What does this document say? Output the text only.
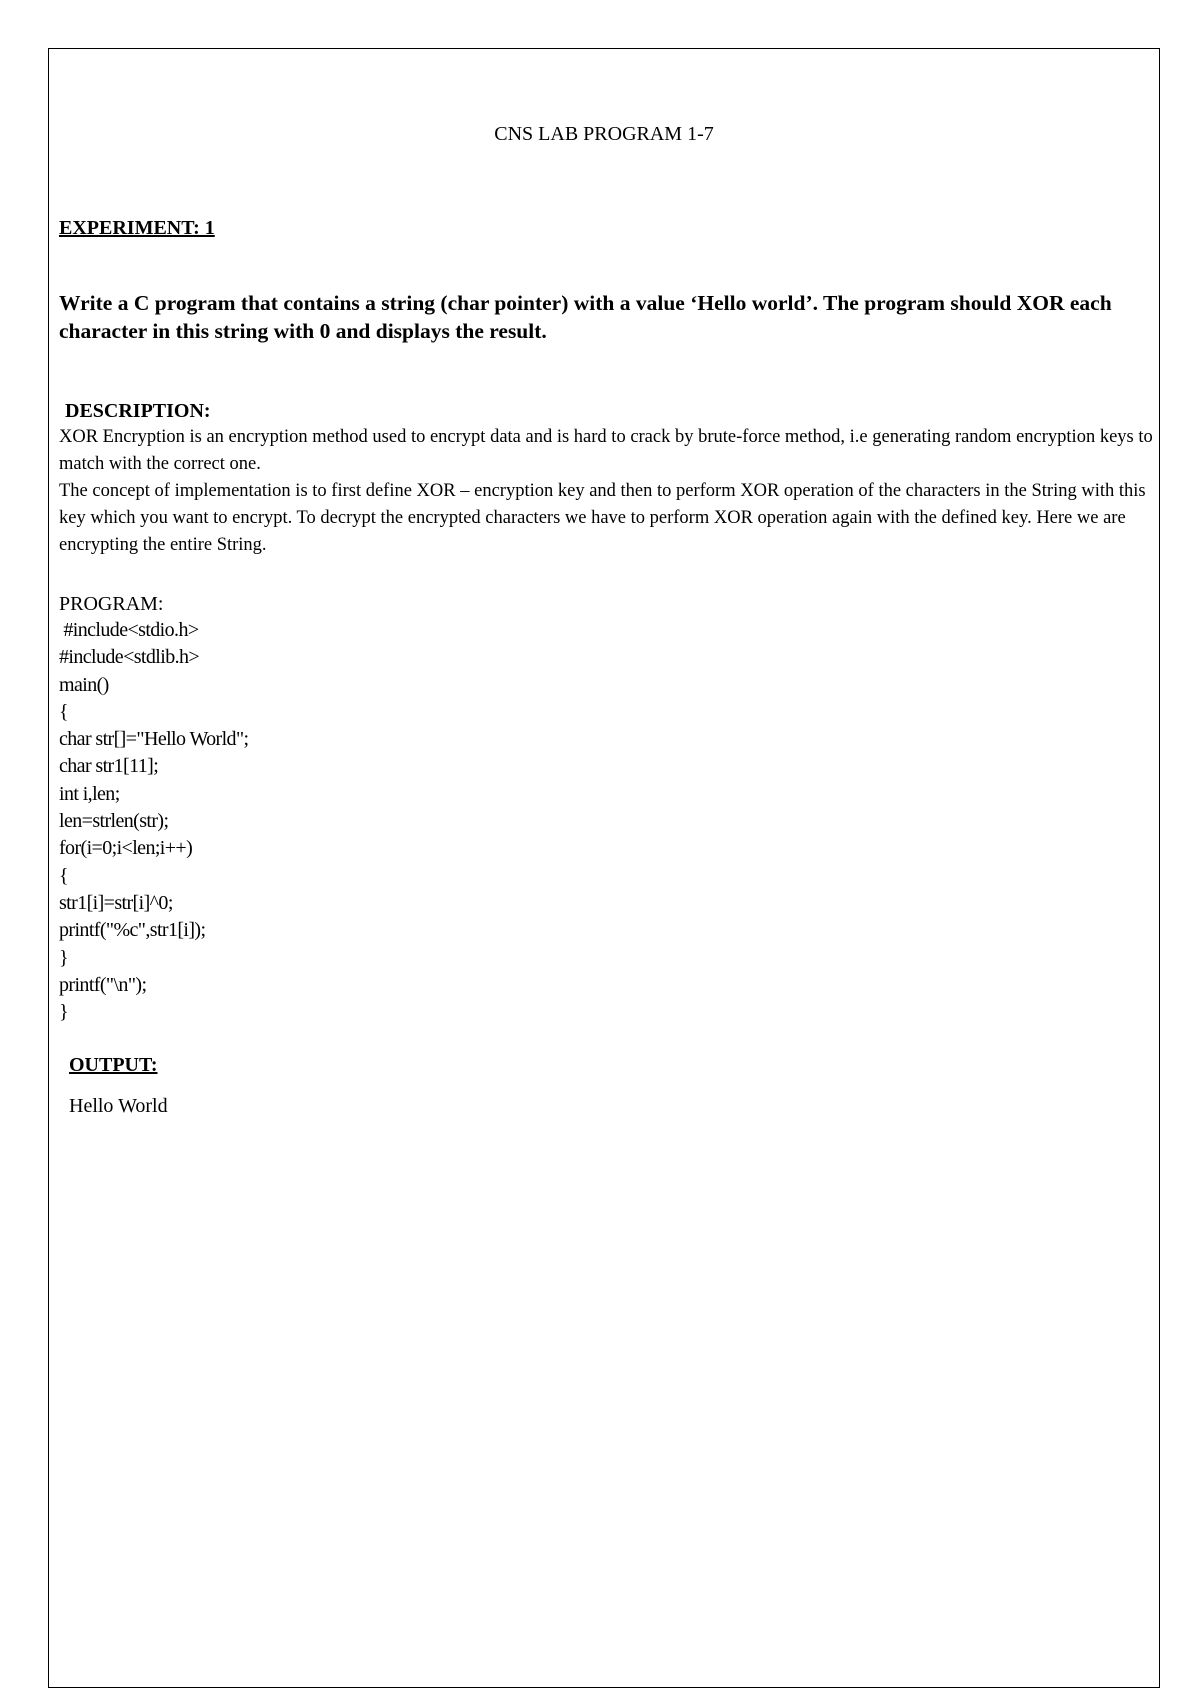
CNS LAB PROGRAM 1-7
EXPERIMENT: 1
Write a C program that contains a string (char pointer) with a value ‘Hello world’. The program should XOR each character in this string with 0 and displays the result.
DESCRIPTION:

XOR Encryption is an encryption method used to encrypt data and is hard to crack by brute-force method, i.e generating random encryption keys to match with the correct one.

The concept of implementation is to first define XOR – encryption key and then to perform XOR operation of the characters in the String with this key which you want to encrypt. To decrypt the encrypted characters we have to perform XOR operation again with the defined key. Here we are encrypting the entire String.

PROGRAM:
#include<stdio.h>
#include<stdlib.h>
main()
{
char str[]="Hello World";
char str1[11];
int i,len;
len=strlen(str);
for(i=0;i<len;i++)
{
str1[i]=str[i]^0;
printf("%c",str1[i]);
}
printf("\n");
}
OUTPUT:
Hello World
